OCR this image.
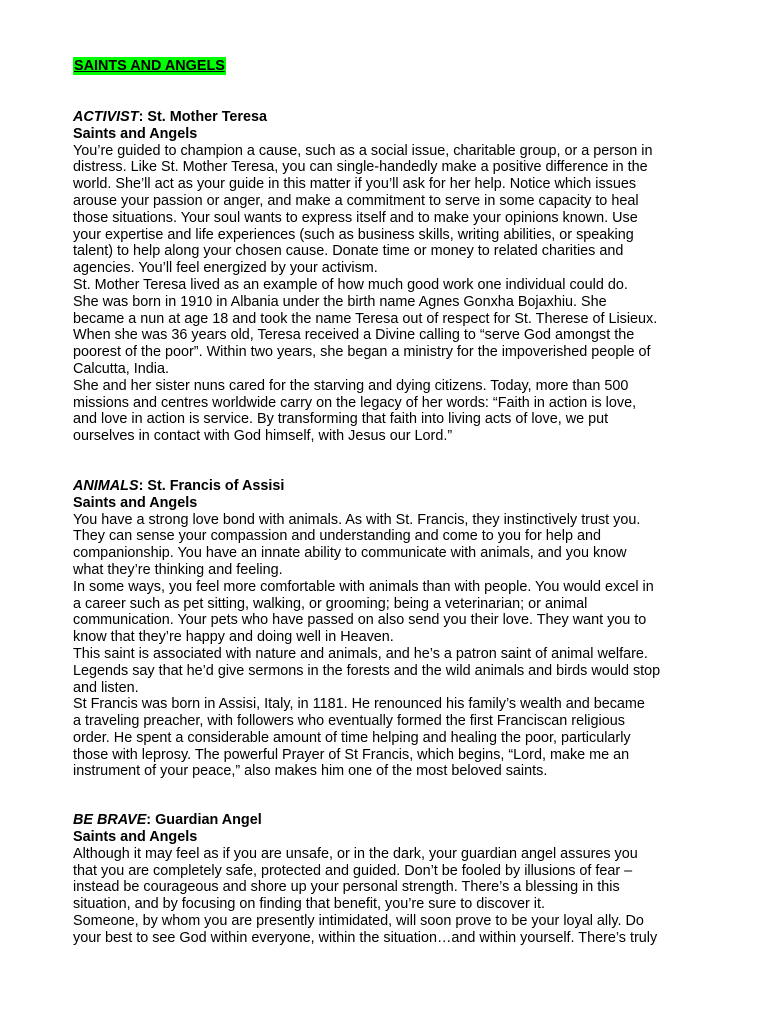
SAINTS AND ANGELS
ACTIVIST: St. Mother Teresa
Saints and Angels
You’re guided to champion a cause, such as a social issue, charitable group, or a person in
distress. Like St. Mother Teresa, you can single-handedly make a positive difference in the
world. She’ll act as your guide in this matter if you’ll ask for her help. Notice which issues
arouse your passion or anger, and make a commitment to serve in some capacity to heal
those situations. Your soul wants to express itself and to make your opinions known. Use
your expertise and life experiences (such as business skills, writing abilities, or speaking
talent) to help along your chosen cause. Donate time or money to related charities and
agencies. You’ll feel energized by your activism.
St. Mother Teresa lived as an example of how much good work one individual could do.
She was born in 1910 in Albania under the birth name Agnes Gonxha Bojaxhiu. She
became a nun at age 18 and took the name Teresa out of respect for St. Therese of Lisieux.
When she was 36 years old, Teresa received a Divine calling to “serve God amongst the
poorest of the poor”. Within two years, she began a ministry for the impoverished people of
Calcutta, India.
She and her sister nuns cared for the starving and dying citizens. Today, more than 500
missions and centres worldwide carry on the legacy of her words: “Faith in action is love,
and love in action is service. By transforming that faith into living acts of love, we put
ourselves in contact with God himself, with Jesus our Lord.”
ANIMALS: St. Francis of Assisi
Saints and Angels
You have a strong love bond with animals. As with St. Francis, they instinctively trust you.
They can sense your compassion and understanding and come to you for help and
companionship. You have an innate ability to communicate with animals, and you know
what they’re thinking and feeling.
In some ways, you feel more comfortable with animals than with people. You would excel in
a career such as pet sitting, walking, or grooming; being a veterinarian; or animal
communication. Your pets who have passed on also send you their love. They want you to
know that they’re happy and doing well in Heaven.
This saint is associated with nature and animals, and he’s a patron saint of animal welfare.
Legends say that he’d give sermons in the forests and the wild animals and birds would stop
and listen.
St Francis was born in Assisi, Italy, in 1181. He renounced his family’s wealth and became
a traveling preacher, with followers who eventually formed the first Franciscan religious
order. He spent a considerable amount of time helping and healing the poor, particularly
those with leprosy. The powerful Prayer of St Francis, which begins, “Lord, make me an
instrument of your peace,” also makes him one of the most beloved saints.
BE BRAVE: Guardian Angel
Saints and Angels
Although it may feel as if you are unsafe, or in the dark, your guardian angel assures you
that you are completely safe, protected and guided. Don’t be fooled by illusions of fear –
instead be courageous and shore up your personal strength. There’s a blessing in this
situation, and by focusing on finding that benefit, you’re sure to discover it.
Someone, by whom you are presently intimidated, will soon prove to be your loyal ally. Do
your best to see God within everyone, within the situation…and within yourself. There’s truly
